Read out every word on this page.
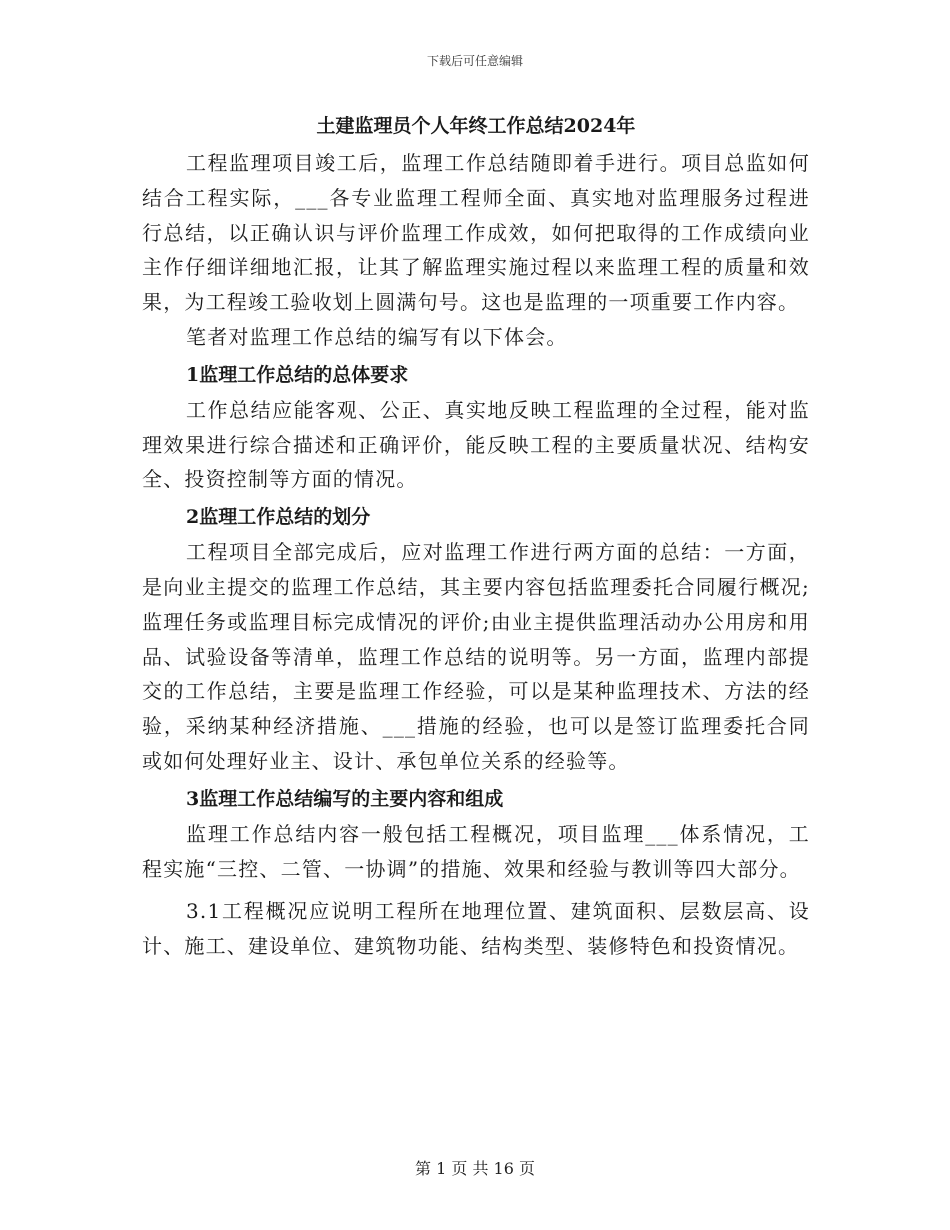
下载后可任意编辑
土建监理员个人年终工作总结2024年

工程监理项目竣工后，监理工作总结随即着手进行。项目总监如何结合工程实际，___各专业监理工程师全面、真实地对监理服务过程进行总结，以正确认识与评价监理工作成效，如何把取得的工作成绩向业主作仔细详细地汇报，让其了解监理实施过程以来监理工程的质量和效果，为工程竣工验收划上圆满句号。这也是监理的一项重要工作内容。

笔者对监理工作总结的编写有以下体会。

1监理工作总结的总体要求

工作总结应能客观、公正、真实地反映工程监理的全过程，能对监理效果进行综合描述和正确评价，能反映工程的主要质量状况、结构安全、投资控制等方面的情况。

2监理工作总结的划分

工程项目全部完成后，应对监理工作进行两方面的总结：一方面，是向业主提交的监理工作总结，其主要内容包括监理委托合同履行概况;监理任务或监理目标完成情况的评价;由业主提供监理活动办公用房和用品、试验设备等清单，监理工作总结的说明等。另一方面，监理内部提交的工作总结，主要是监理工作经验，可以是某种监理技术、方法的经验，采纳某种经济措施、___措施的经验，也可以是签订监理委托合同或如何处理好业主、设计、承包单位关系的经验等。

3监理工作总结编写的主要内容和组成

监理工作总结内容一般包括工程概况，项目监理___体系情况，工程实施“三控、二管、一协调”的措施、效果和经验与教训等四大部分。

3.1工程概况应说明工程所在地理位置、建筑面积、层数层高、设计、施工、建设单位、建筑物功能、结构类型、装修特色和投资情况。

第 1 页 共 16 页
